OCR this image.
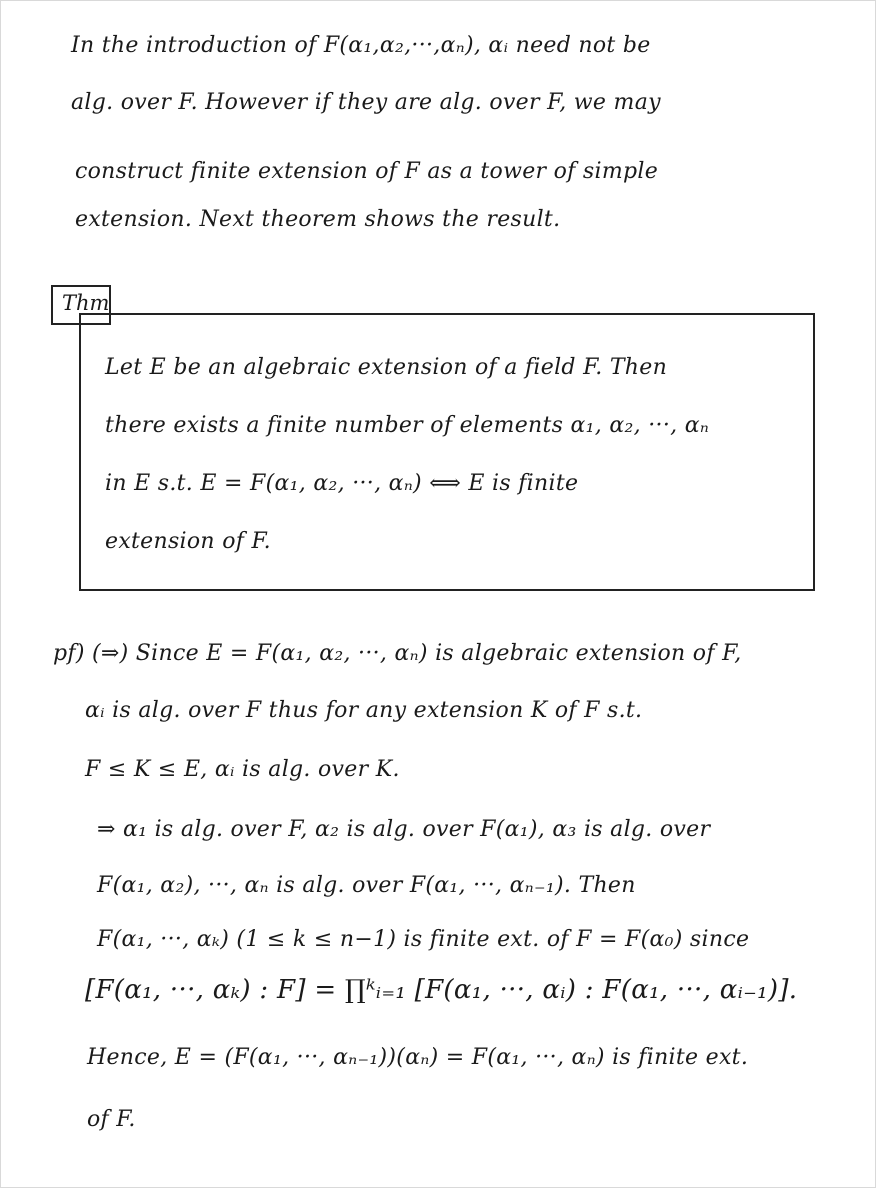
In the introduction of F(α₁,α₂,···,αₙ), αᵢ need not be
alg. over F. However if they are alg. over F, we may
construct finite extension of F as a tower of simple
extension. Next theorem shows the result.
Thm
Let E be an algebraic extension of a field F. Then
there exists a finite number of elements α₁, α₂, ···, αₙ
in E s.t. E = F(α₁, α₂, ···, αₙ) ⟺ E is finite
extension of F.
pf) (⇒) Since E = F(α₁, α₂, ···, αₙ) is algebraic extension of F,
αᵢ is alg. over F thus for any extension K of F s.t.
F ≤ K ≤ E, αᵢ is alg. over K.
⇒ α₁ is alg. over F, α₂ is alg. over F(α₁), α₃ is alg. over
F(α₁, α₂), ···, αₙ is alg. over F(α₁, ···, αₙ₋₁). Then
F(α₁, ···, αₖ) (1 ≤ k ≤ n−1) is finite ext. of F = F(α₀) since
[F(α₁, ···, αₖ) : F] = ∏ᵏᵢ₌₁ [F(α₁, ···, αᵢ) : F(α₁, ···, αᵢ₋₁)].
Hence, E = (F(α₁, ···, αₙ₋₁))(αₙ) = F(α₁, ···, αₙ) is finite ext.
of F.
